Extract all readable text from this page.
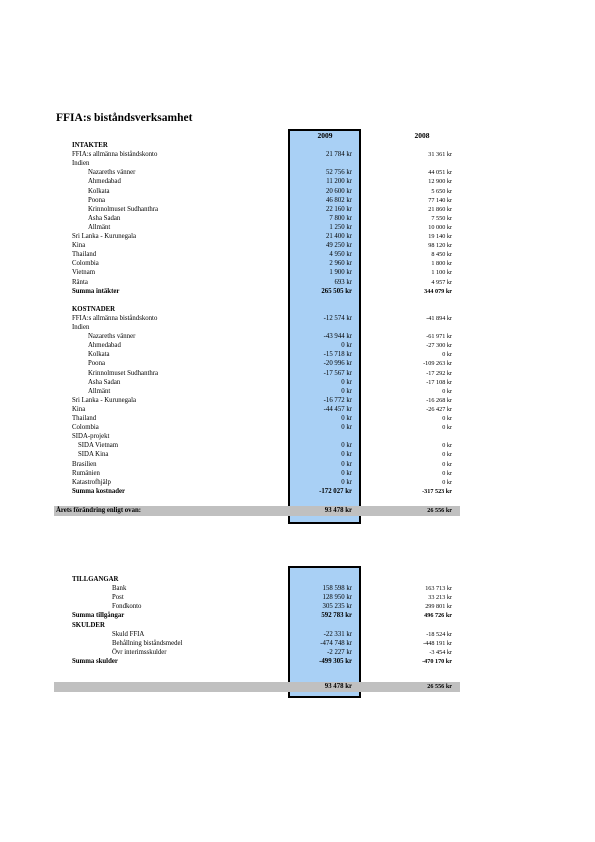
FFIA:s biståndsverksamhet
2009	2008
INTAKTER
FFIA:s allmänna biståndskonto	21 784 kr	31 361 kr
Indien
Nazareths vänner	52 756 kr	44 051 kr
Ahmedabad	11 200 kr	12 900 kr
Kolkata	20 600 kr	5 650 kr
Poona	46 802 kr	77 140 kr
Krinnolmuset Sudhanthra	22 160 kr	21 860 kr
Asha Sadan	7 800 kr	7 550 kr
Allmänt	1 250 kr	10 000 kr
Sri Lanka - Kurunegala	21 400 kr	19 140 kr
Kina	49 250 kr	98 120 kr
Thailand	4 950 kr	8 450 kr
Colombia	2 960 kr	1 800 kr
Vietnam	1 900 kr	1 100 kr
Ränta	693 kr	4 957 kr
Summa intäkter	265 505 kr	344 079 kr
KOSTNADER
FFIA:s allmänna biståndskonto	-12 574 kr	-41 894 kr
Indien
Nazareths vänner	-43 944 kr	-61 971 kr
Ahmedabad	0 kr	-27 300 kr
Kolkata	-15 718 kr	0 kr
Poona	-20 996 kr	-109 263 kr
Krinnolmuset Sudhanthra	-17 567 kr	-17 292 kr
Asha Sadan	0 kr	-17 108 kr
Allmänt	0 kr	0 kr
Sri Lanka - Kurunegala	-16 772 kr	-16 268 kr
Kina	-44 457 kr	-26 427 kr
Thailand	0 kr	0 kr
Colombia	0 kr	0 kr
SIDA-projekt
SIDA Vietnam	0 kr	0 kr
SIDA Kina	0 kr	0 kr
Brasilien	0 kr	0 kr
Rumänien	0 kr	0 kr
Katastrofhjälp	0 kr	0 kr
Summa kostnader	-172 027 kr	-317 523 kr
Årets förändring enligt ovan:	93 478 kr	26 556 kr
TILLGANGAR
Bank	158 598 kr	163 713 kr
Post	128 950 kr	33 213 kr
Fondkonto	305 235 kr	299 801 kr
Summa tillgångar	592 783 kr	496 726 kr
SKULDER
Skuld FFIA	-22 331 kr	-18 524 kr
Behållning biståndsmedel	-474 748 kr	-448 191 kr
Övr interimsskulder	-2 227 kr	-3 454 kr
Summa skulder	-499 305 kr	-470 170 kr
93 478 kr	26 556 kr
